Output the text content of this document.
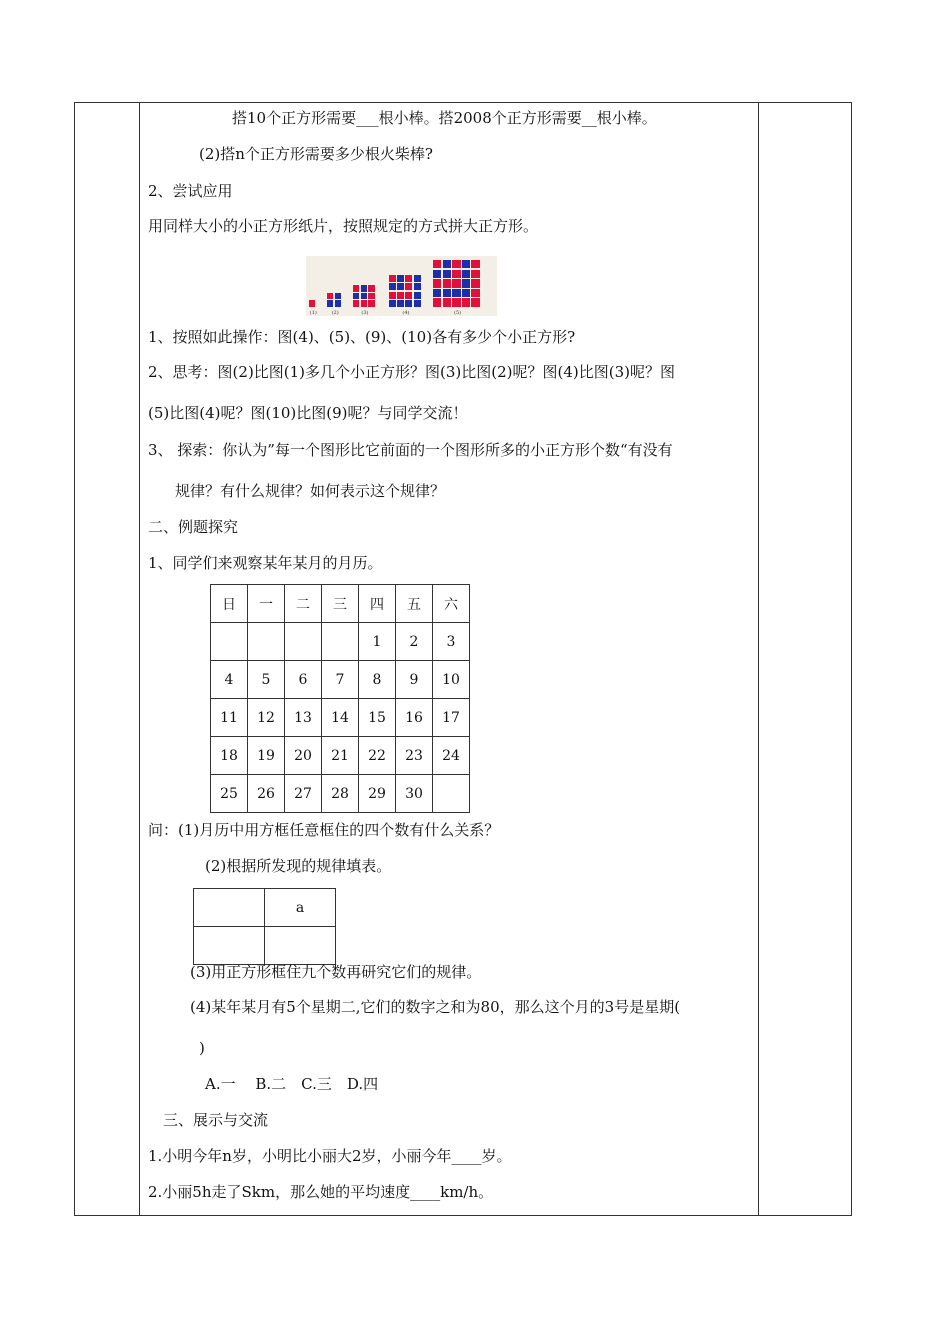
搭10个正方形需要___根小棒。搭2008个正方形需要__根小棒。
(2)搭n个正方形需要多少根火柴棒?
2、尝试应用
用同样大小的小正方形纸片，按照规定的方式拼大正方形。
(1)	(2)	(3)	(4)	(5)
1、按照如此操作：图(4)、(5)、(9)、(10)各有多少个小正方形?
2、思考：图(2)比图(1)多几个小正方形？图(3)比图(2)呢？图(4)比图(3)呢？图
(5)比图(4)呢？图(10)比图(9)呢？与同学交流！
3、 探索：你认为”每一个图形比它前面的一个图形所多的小正方形个数“有没有
规律？有什么规律？如何表示这个规律？
二、例题探究
1、同学们来观察某年某月的月历。
日	一	二	三	四	五	六
				1	2	3
4	5	6	7	8	9	10
11	12	13	14	15	16	17
18	19	20	21	22	23	24
25	26	27	28	29	30	
问：(1)月历中用方框任意框住的四个数有什么关系？
(2)根据所发现的规律填表。
	a

(3)用正方形框住九个数再研究它们的规律。
(4)某年某月有5个星期二,它们的数字之和为80，那么这个月的3号是星期(
)
A.一　 B.二　C.三　D.四
三、展示与交流
1.小明今年n岁，小明比小丽大2岁，小丽今年____岁。
2.小丽5h走了Skm，那么她的平均速度____km/h。
